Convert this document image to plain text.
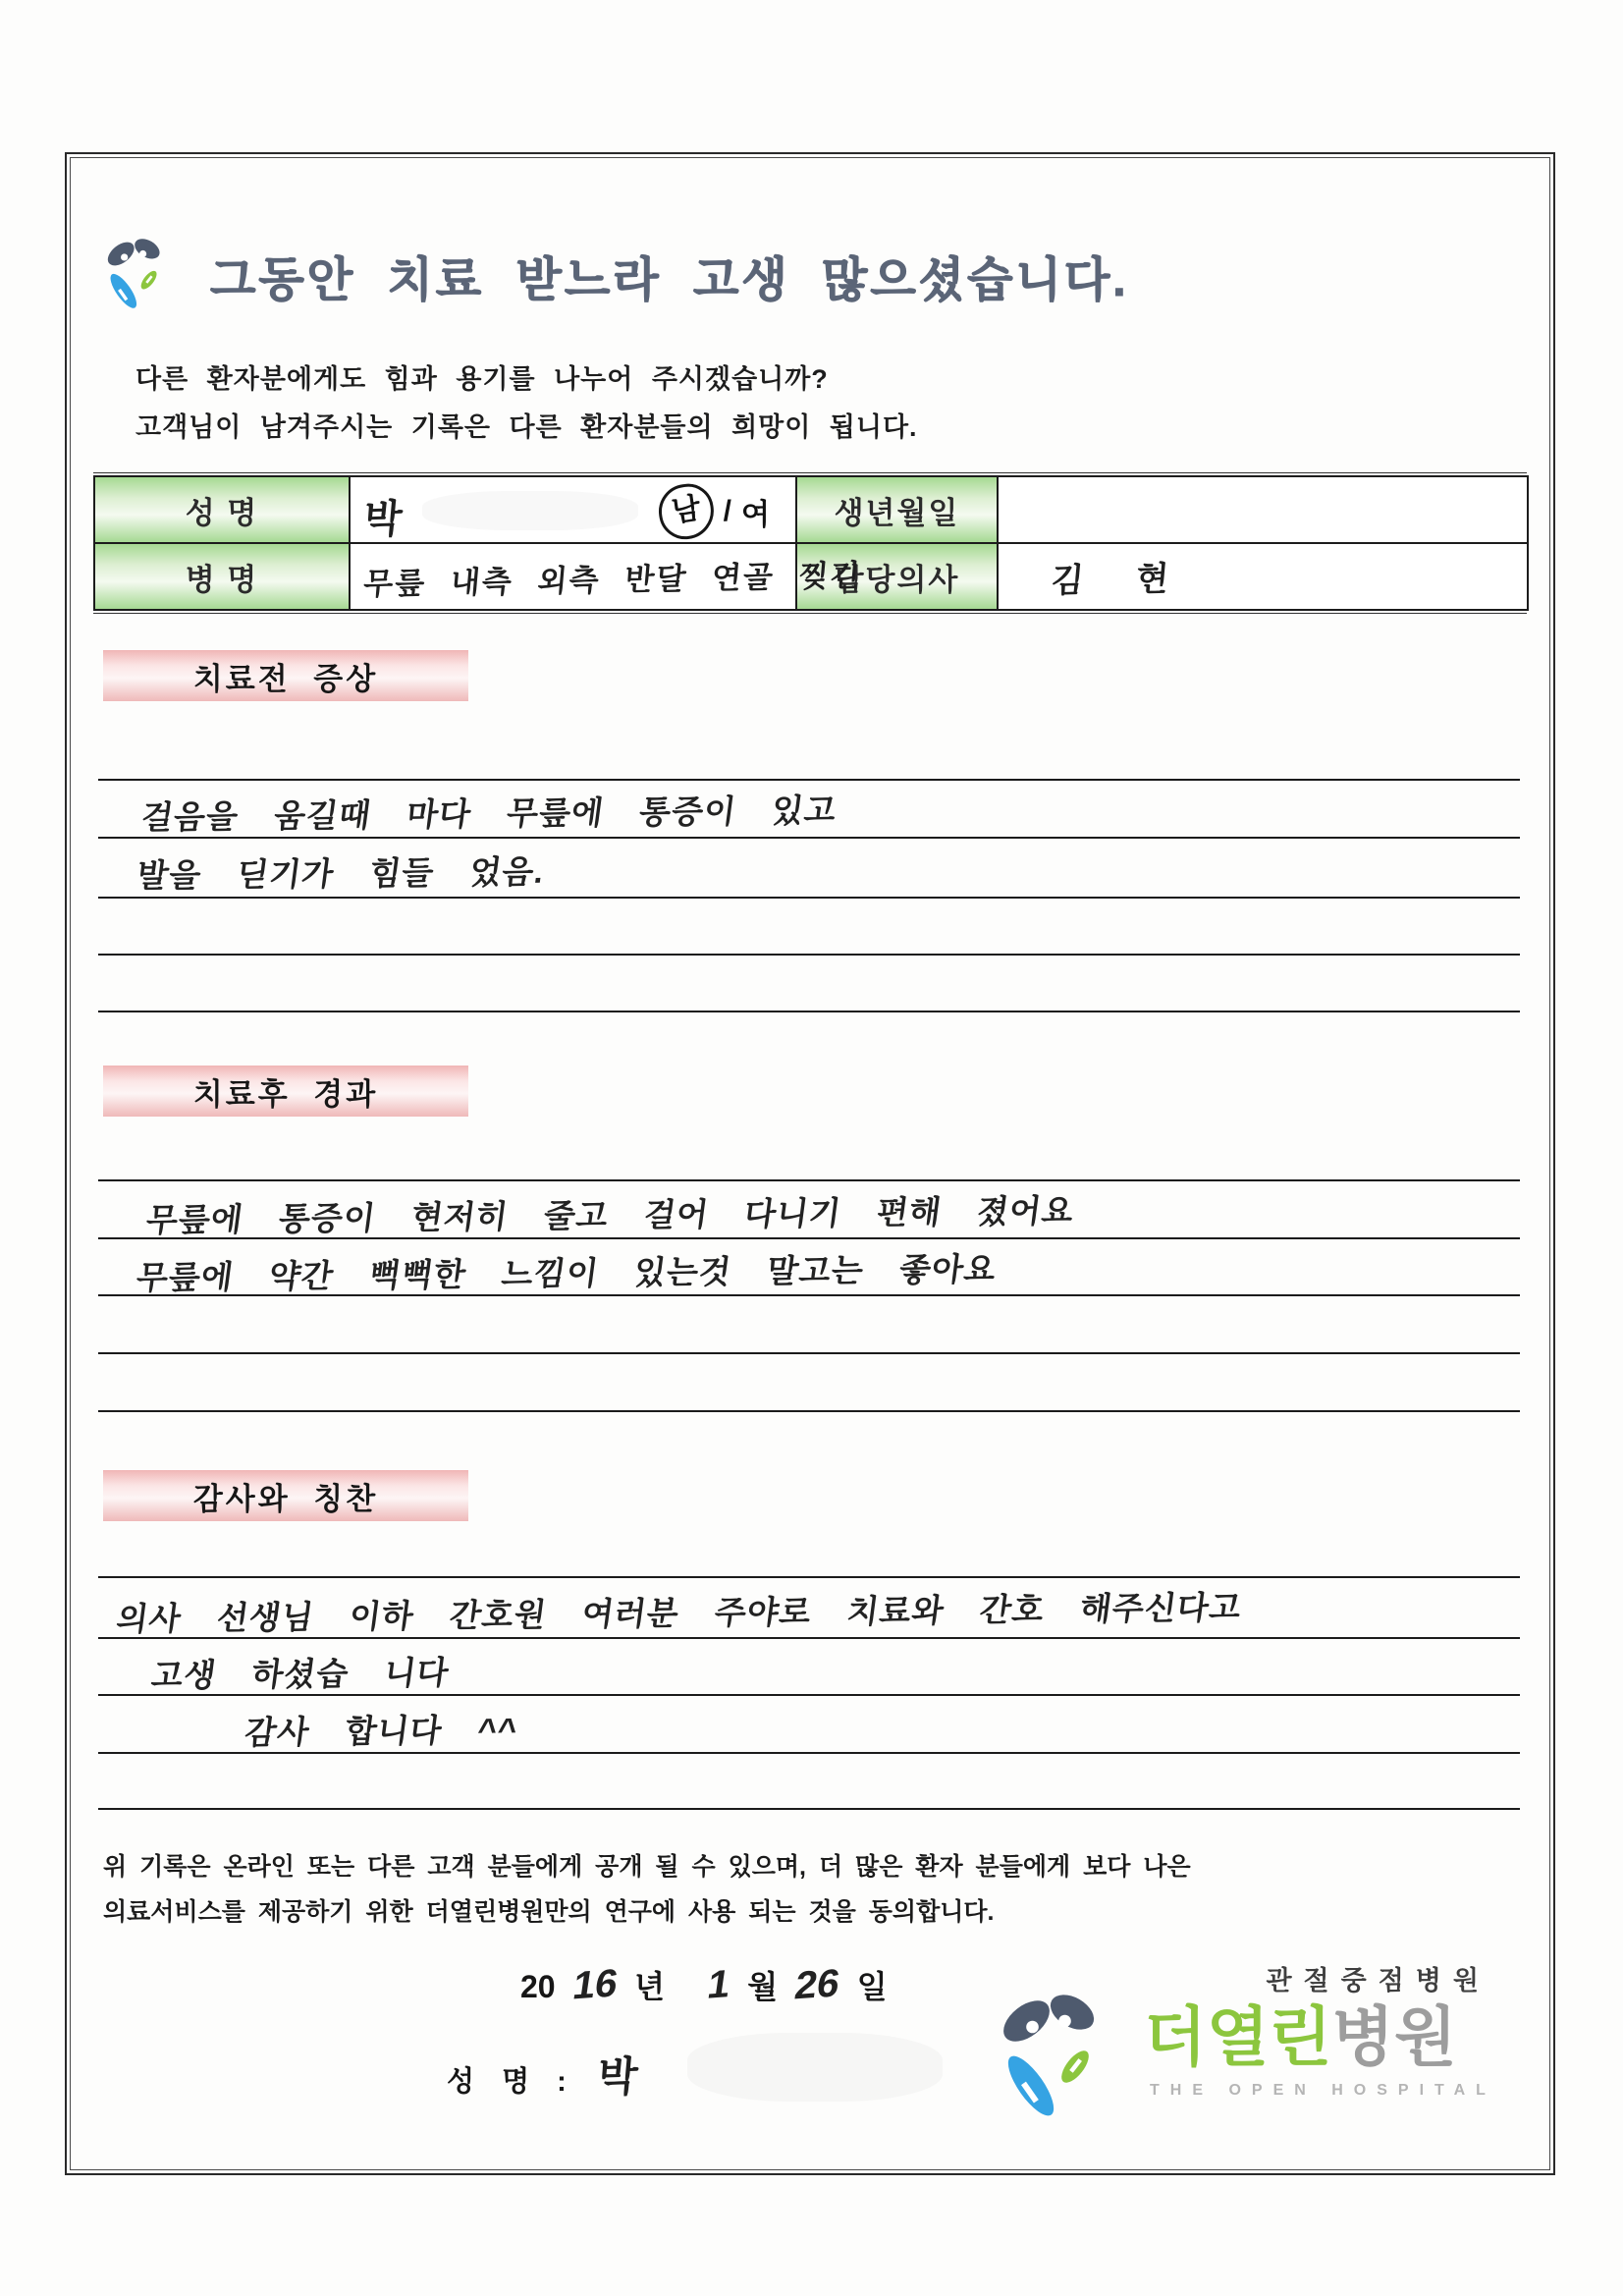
그동안 치료 받느라 고생 많으셨습니다.
다른 환자분에게도 힘과 용기를 나누어 주시겠습니까?
고객님이 남겨주시는 기록은 다른 환자분들의 희망이 됩니다.
성 명	박 남 / 여	생년월일	
병 명	무릎 내측 외측 반달 연골 찢긴	담당의사	김 현
치료전 증상
걸음을 움길때 마다 무릎에 통증이 있고
발을 딛기가 힘들 었음.
치료후 경과
무릎에 통증이 현저히 줄고 걸어 다니기 편해 졌어요
무릎에 약간 뻑뻑한 느낌이 있는것 말고는 좋아요
감사와 칭찬
의사 선생님 이하 간호원 여러분 주야로 치료와 간호 해주신다고
고생 하셨습 니다
감사 합니다 ^^
위 기록은 온라인 또는 다른 고객 분들에게 공개 될 수 있으며, 더 많은 환자 분들에게 보다 나은
의료서비스를 제공하기 위한 더열린병원만의 연구에 사용 되는 것을 동의합니다.
20 16 년 1 월 26 일
성 명 : 박
관절중점병원
더열린병원
THE OPEN HOSPITAL
